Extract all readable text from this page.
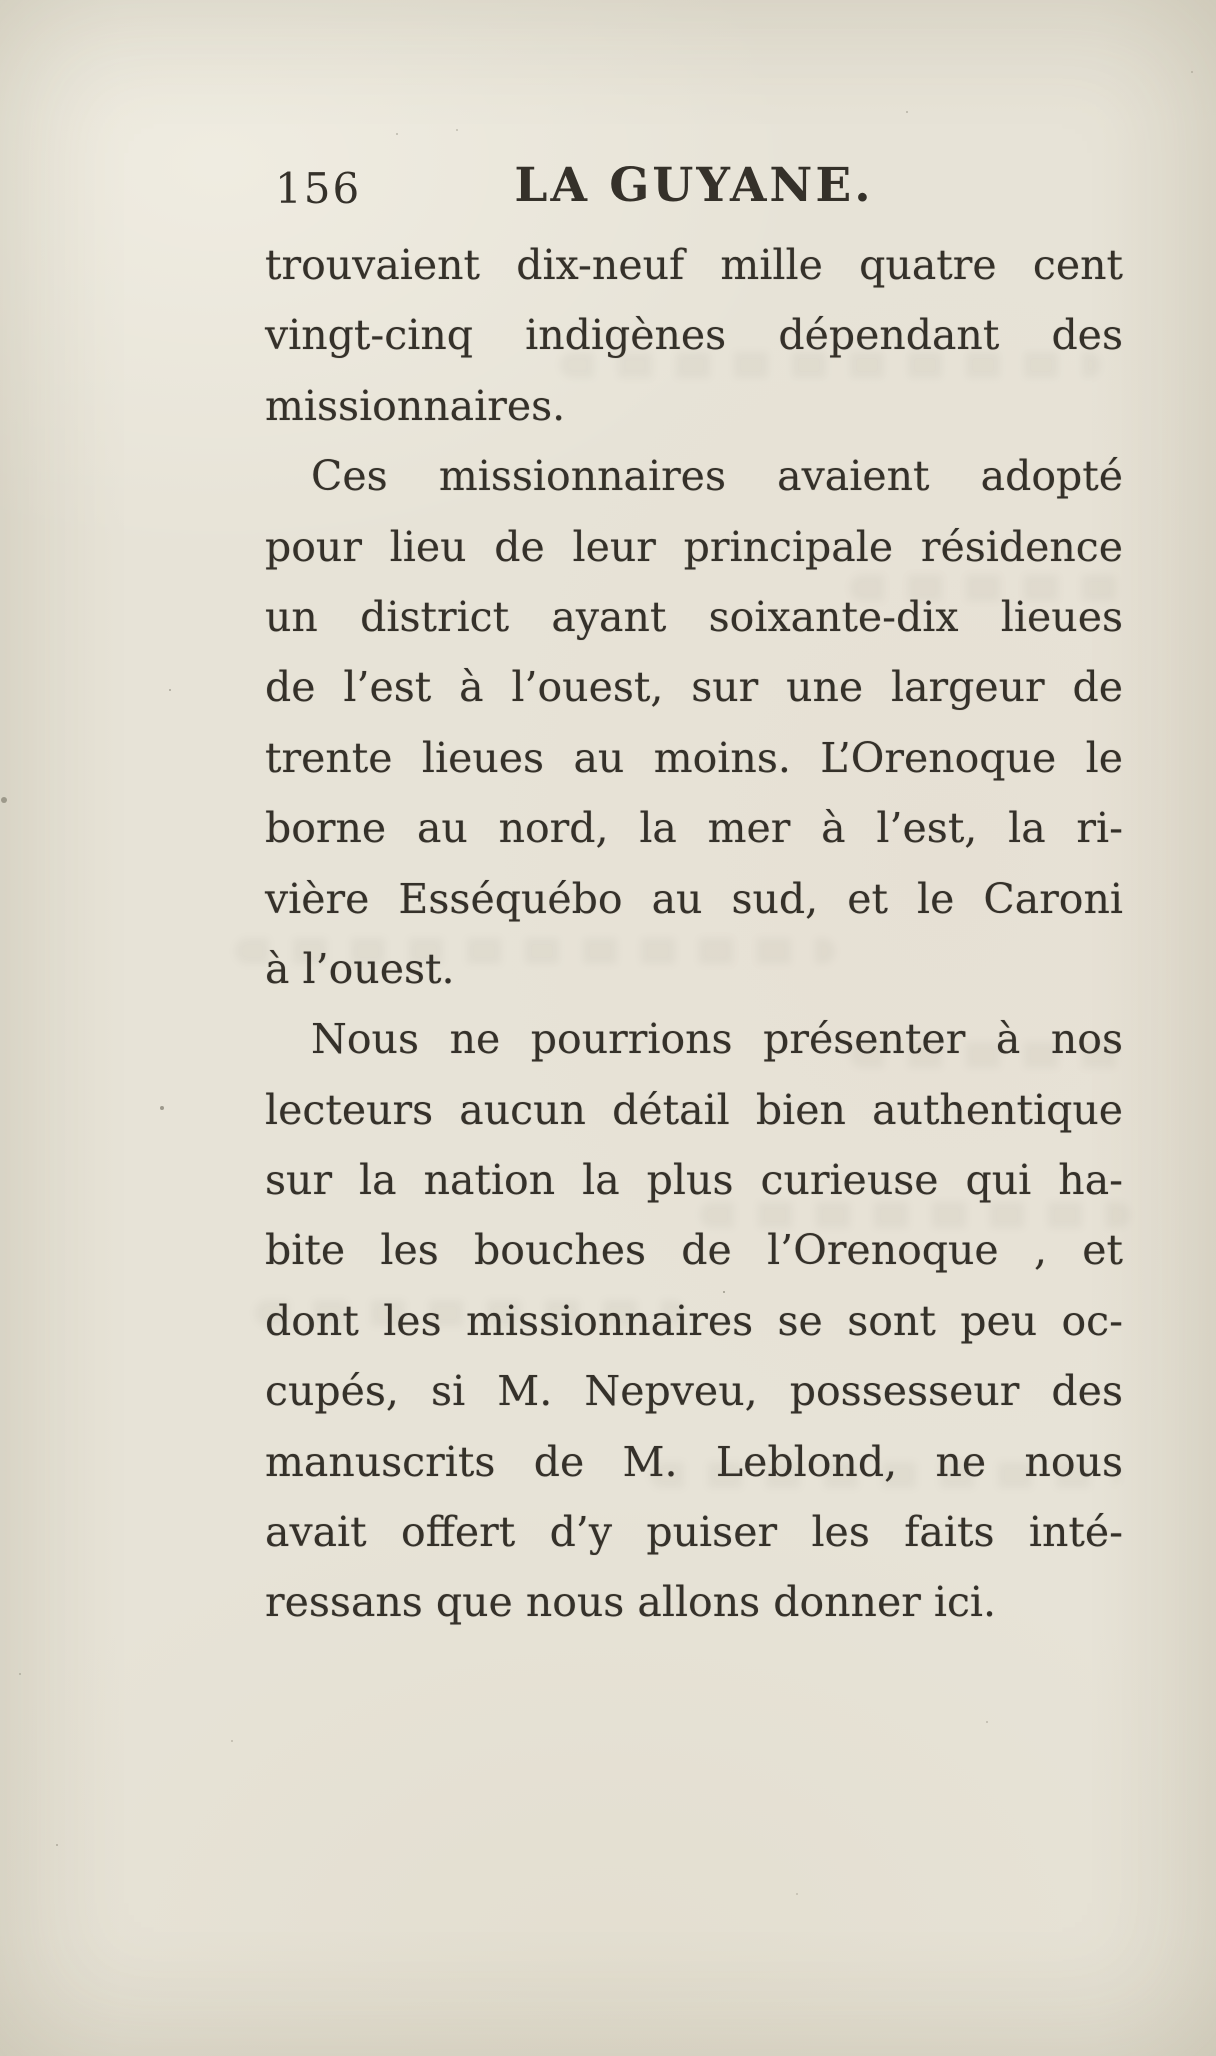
156	LA GUYANE.
trouvaient dix-neuf mille quatre cent
vingt-cinq indigènes dépendant des
missionnaires.
Ces missionnaires avaient adopté
pour lieu de leur principale résidence
un district ayant soixante-dix lieues
de l’est à l’ouest, sur une largeur de
trente lieues au moins. L’Orenoque le
borne au nord, la mer à l’est, la ri-
vière Esséquébo au sud, et le Caroni
à l’ouest.
Nous ne pourrions présenter à nos
lecteurs aucun détail bien authentique
sur la nation la plus curieuse qui ha-
bite les bouches de l’Orenoque , et
dont les missionnaires se sont peu oc-
cupés, si M. Nepveu, possesseur des
manuscrits de M. Leblond, ne nous
avait offert d’y puiser les faits inté-
ressans que nous allons donner ici.
